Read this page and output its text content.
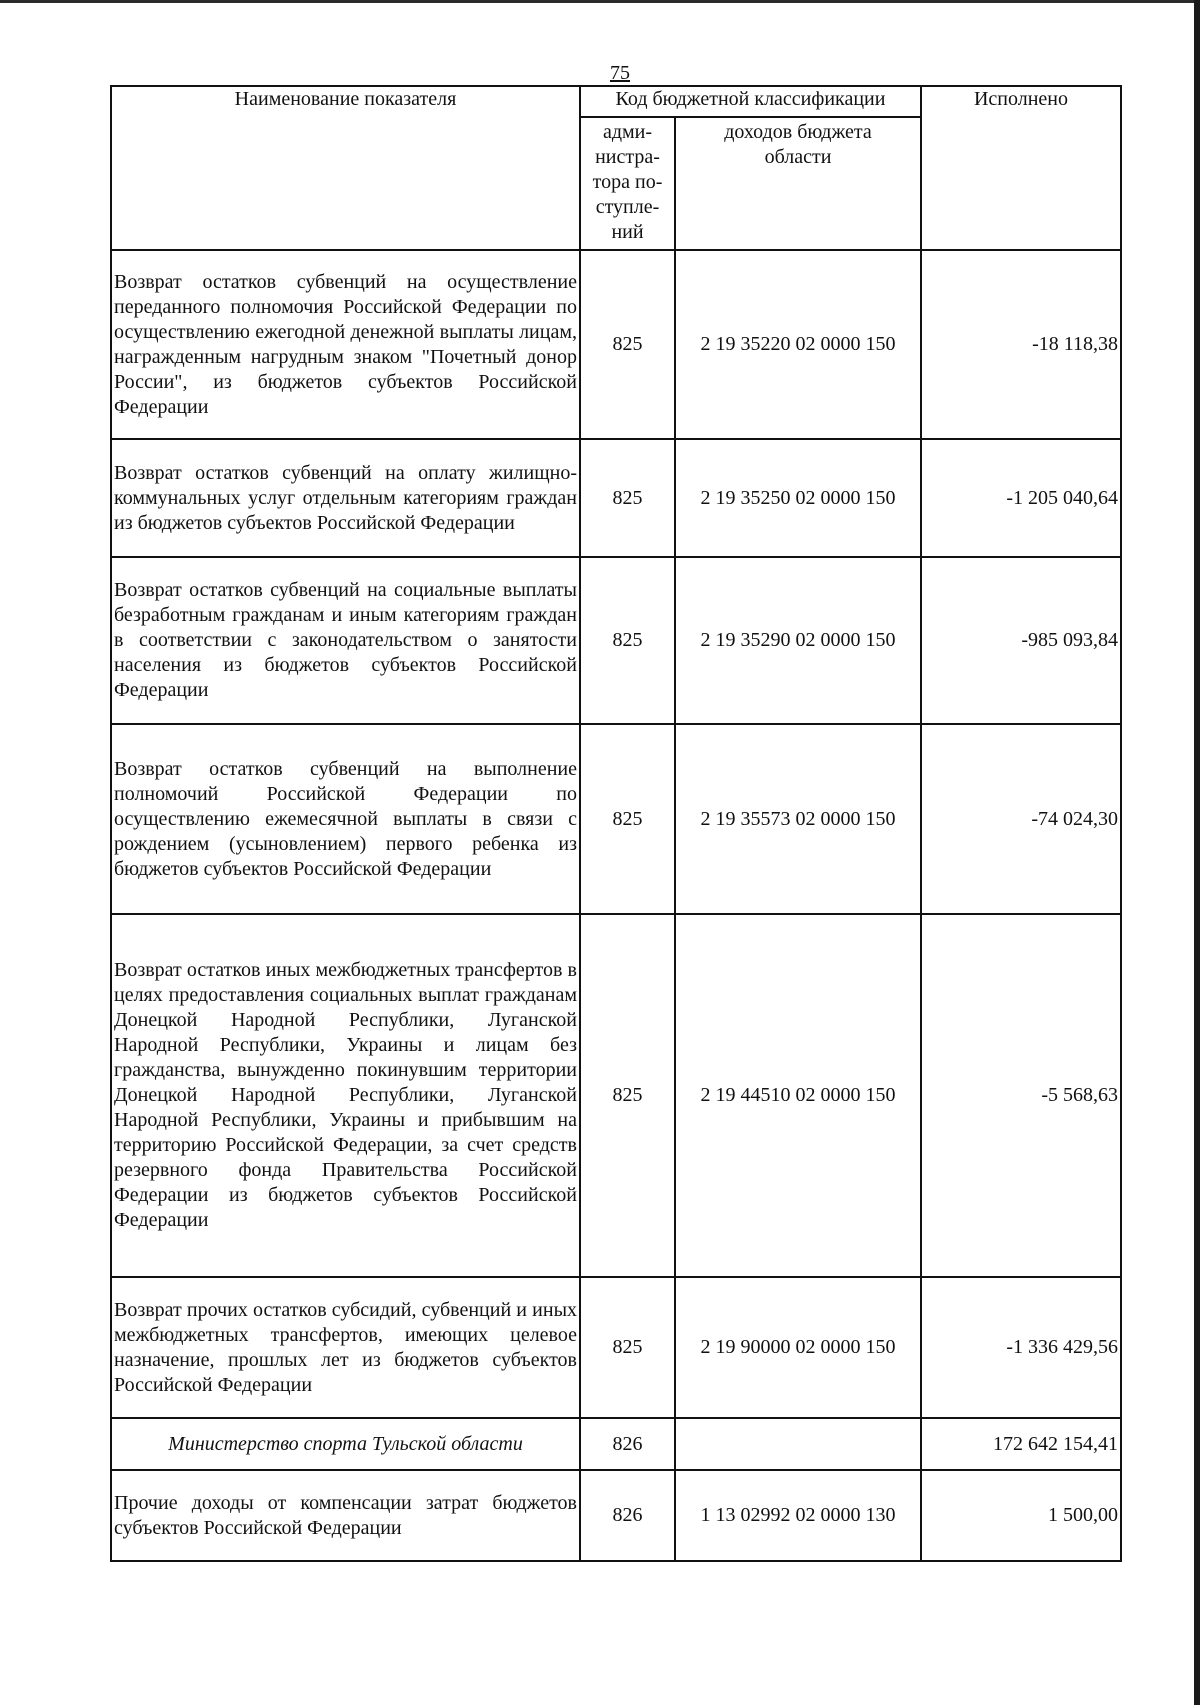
75
Наименование показателя	Код бюджетной классификации		Исполнено
	адми-нистра-тора по-ступле-ний	доходов бюджета области	
Возврат остатков субвенций на осуществление переданного полномочия Российской Федерации по осуществлению ежегодной денежной выплаты лицам, награжденным нагрудным знаком "Почетный донор России", из бюджетов субъектов Российской Федерации	825	2 19 35220 02 0000 150	-18 118,38
Возврат остатков субвенций на оплату жилищно-коммунальных услуг отдельным категориям граждан из бюджетов субъектов Российской Федерации	825	2 19 35250 02 0000 150	-1 205 040,64
Возврат остатков субвенций на социальные выплаты безработным гражданам и иным категориям граждан в соответствии с законодательством о занятости населения из бюджетов субъектов Российской Федерации	825	2 19 35290 02 0000 150	-985 093,84
Возврат остатков субвенций на выполнение полномочий Российской Федерации по осуществлению ежемесячной выплаты в связи с рождением (усыновлением) первого ребенка из бюджетов субъектов Российской Федерации	825	2 19 35573 02 0000 150	-74 024,30
Возврат остатков иных межбюджетных трансфертов в целях предоставления социальных выплат гражданам Донецкой Народной Республики, Луганской Народной Республики, Украины и лицам без гражданства, вынужденно покинувшим территории Донецкой Народной Республики, Луганской Народной Республики, Украины и прибывшим на территорию Российской Федерации, за счет средств резервного фонда Правительства Российской Федерации из бюджетов субъектов Российской Федерации	825	2 19 44510 02 0000 150	-5 568,63
Возврат прочих остатков субсидий, субвенций и иных межбюджетных трансфертов, имеющих целевое назначение, прошлых лет из бюджетов субъектов Российской Федерации	825	2 19 90000 02 0000 150	-1 336 429,56
Министерство спорта Тульской области	826		172 642 154,41
Прочие доходы от компенсации затрат бюджетов субъектов Российской Федерации	826	1 13 02992 02 0000 130	1 500,00
